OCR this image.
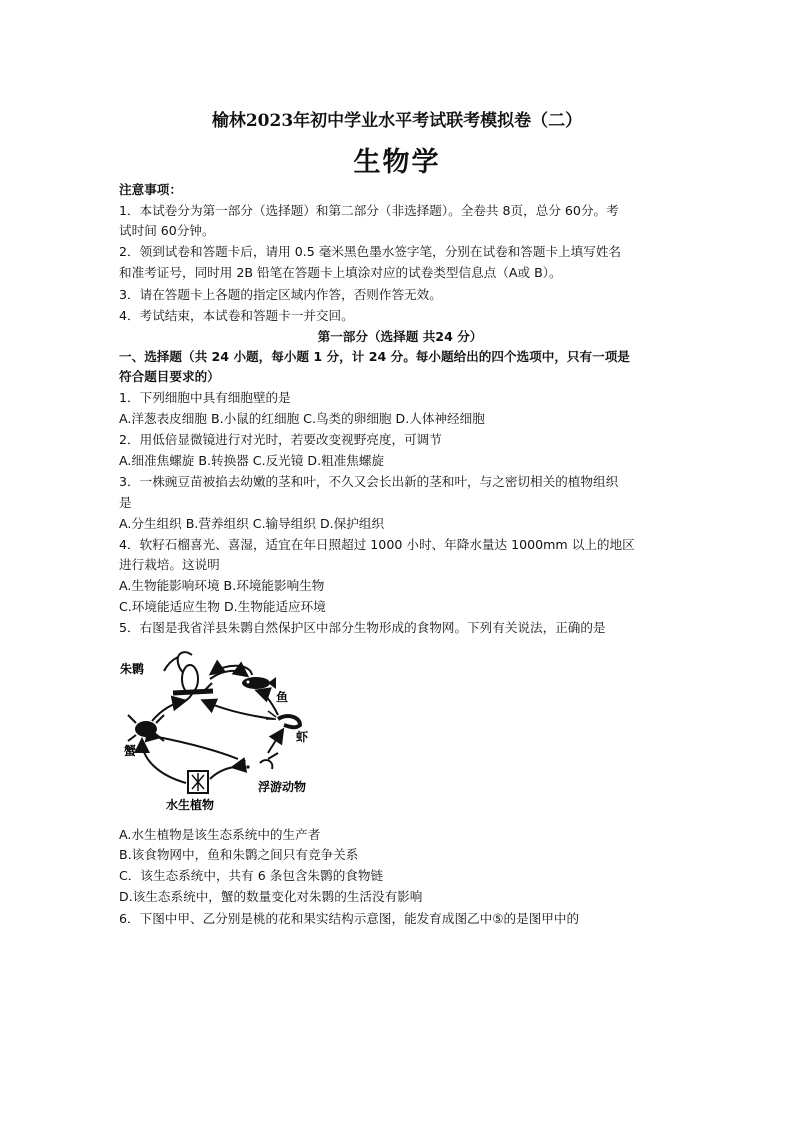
榆林2023年初中学业水平考试联考模拟卷（二）
生物学
注意事项：
1．本试卷分为第一部分（选择题）和第二部分（非选择题）。全卷共 8页，总分 60分。考
试时间 60分钟。
2．领到试卷和答题卡后，请用 0.5 毫米黑色墨水签字笔，分别在试卷和答题卡上填写姓名
和准考证号，同时用 2B 铅笔在答题卡上填涂对应的试卷类型信息点（A或 B）。
3．请在答题卡上各题的指定区域内作答，否则作答无效。
4．考试结束，本试卷和答题卡一并交回。
第一部分（选择题 共24 分）
一、选择题（共 24 小题，每小题 1 分，计 24 分。每小题给出的四个选项中，只有一项是
符合题目要求的）
1．下列细胞中具有细胞壁的是
A.洋葱表皮细胞 B.小鼠的红细胞 C.鸟类的卵细胞 D.人体神经细胞
2．用低倍显微镜进行对光时，若要改变视野亮度，可调节
A.细准焦螺旋 B.转换器 C.反光镜 D.粗准焦螺旋
3．一株豌豆苗被掐去幼嫩的茎和叶，不久又会长出新的茎和叶，与之密切相关的植物组织
是
A.分生组织 B.营养组织 C.输导组织 D.保护组织
4．软籽石榴喜光、喜湿，适宜在年日照超过 1000 小时、年降水量达 1000mm 以上的地区
进行栽培。这说明
A.生物能影响环境 B.环境能影响生物
C.环境能适应生物 D.生物能适应环境
5．右图是我省洋县朱鹮自然保护区中部分生物形成的食物网。下列有关说法，正确的是
朱鹮
鱼
虾
蟹
浮游动物
水生植物
A.水生植物是该生态系统中的生产者
B.该食物网中，鱼和朱鹮之间只有竞争关系
C．该生态系统中，共有 6 条包含朱鹮的食物链
D.该生态系统中，蟹的数量变化对朱鹮的生活没有影响
6．下图中甲、乙分别是桃的花和果实结构示意图，能发育成图乙中⑤的是图甲中的
